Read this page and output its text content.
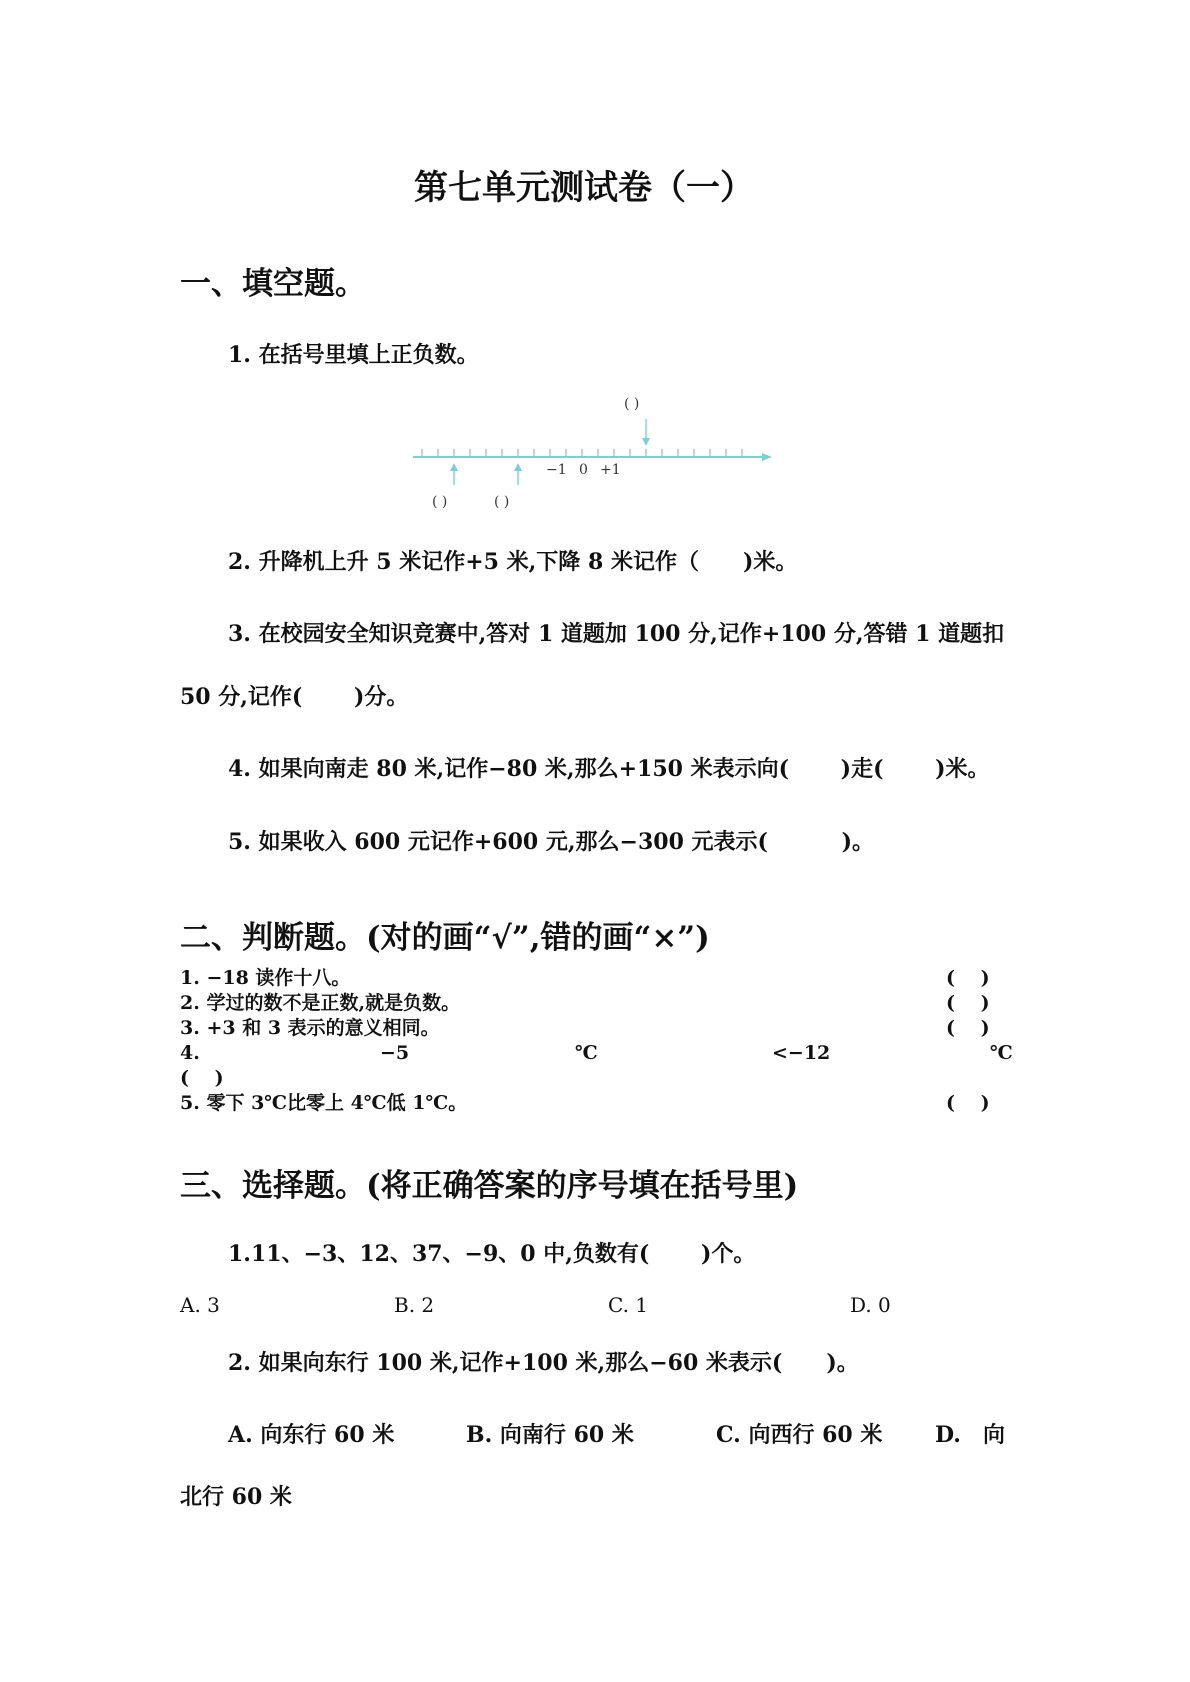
第七单元测试卷（一）
一、填空题。
1. 在括号里填上正负数。
( )
−1 0 +1
( )	( )
2. 升降机上升 5 米记作+5 米,下降 8 米记作（　　)米。
3. 在校园安全知识竞赛中,答对 1 道题加 100 分,记作+100 分,答错 1 道题扣
50 分,记作(　　 )分。
4. 如果向南走 80 米,记作−80 米,那么+150 米表示向(　　 )走(　　 )米。
5. 如果收入 600 元记作+600 元,那么−300 元表示(　　　 )。
二、判断题。(对的画“√”,错的画“×”)
1. −18 读作十八。	(　 )
2. 学过的数不是正数,就是负数。	(　 )
3. +3 和 3 表示的意义相同。	(　 )
4.	−5	℃	<−12	℃
(　 )
5. 零下 3℃比零上 4℃低 1℃。	(　 )
三、选择题。(将正确答案的序号填在括号里)
1.11、−3、12、37、−9、0 中,负数有(　　 )个。
A. 3	B. 2	C. 1	D. 0
2. 如果向东行 100 米,记作+100 米,那么−60 米表示(　　)。
A. 向东行 60 米	B. 向南行 60 米	C. 向西行 60 米 D.　向
北行 60 米
